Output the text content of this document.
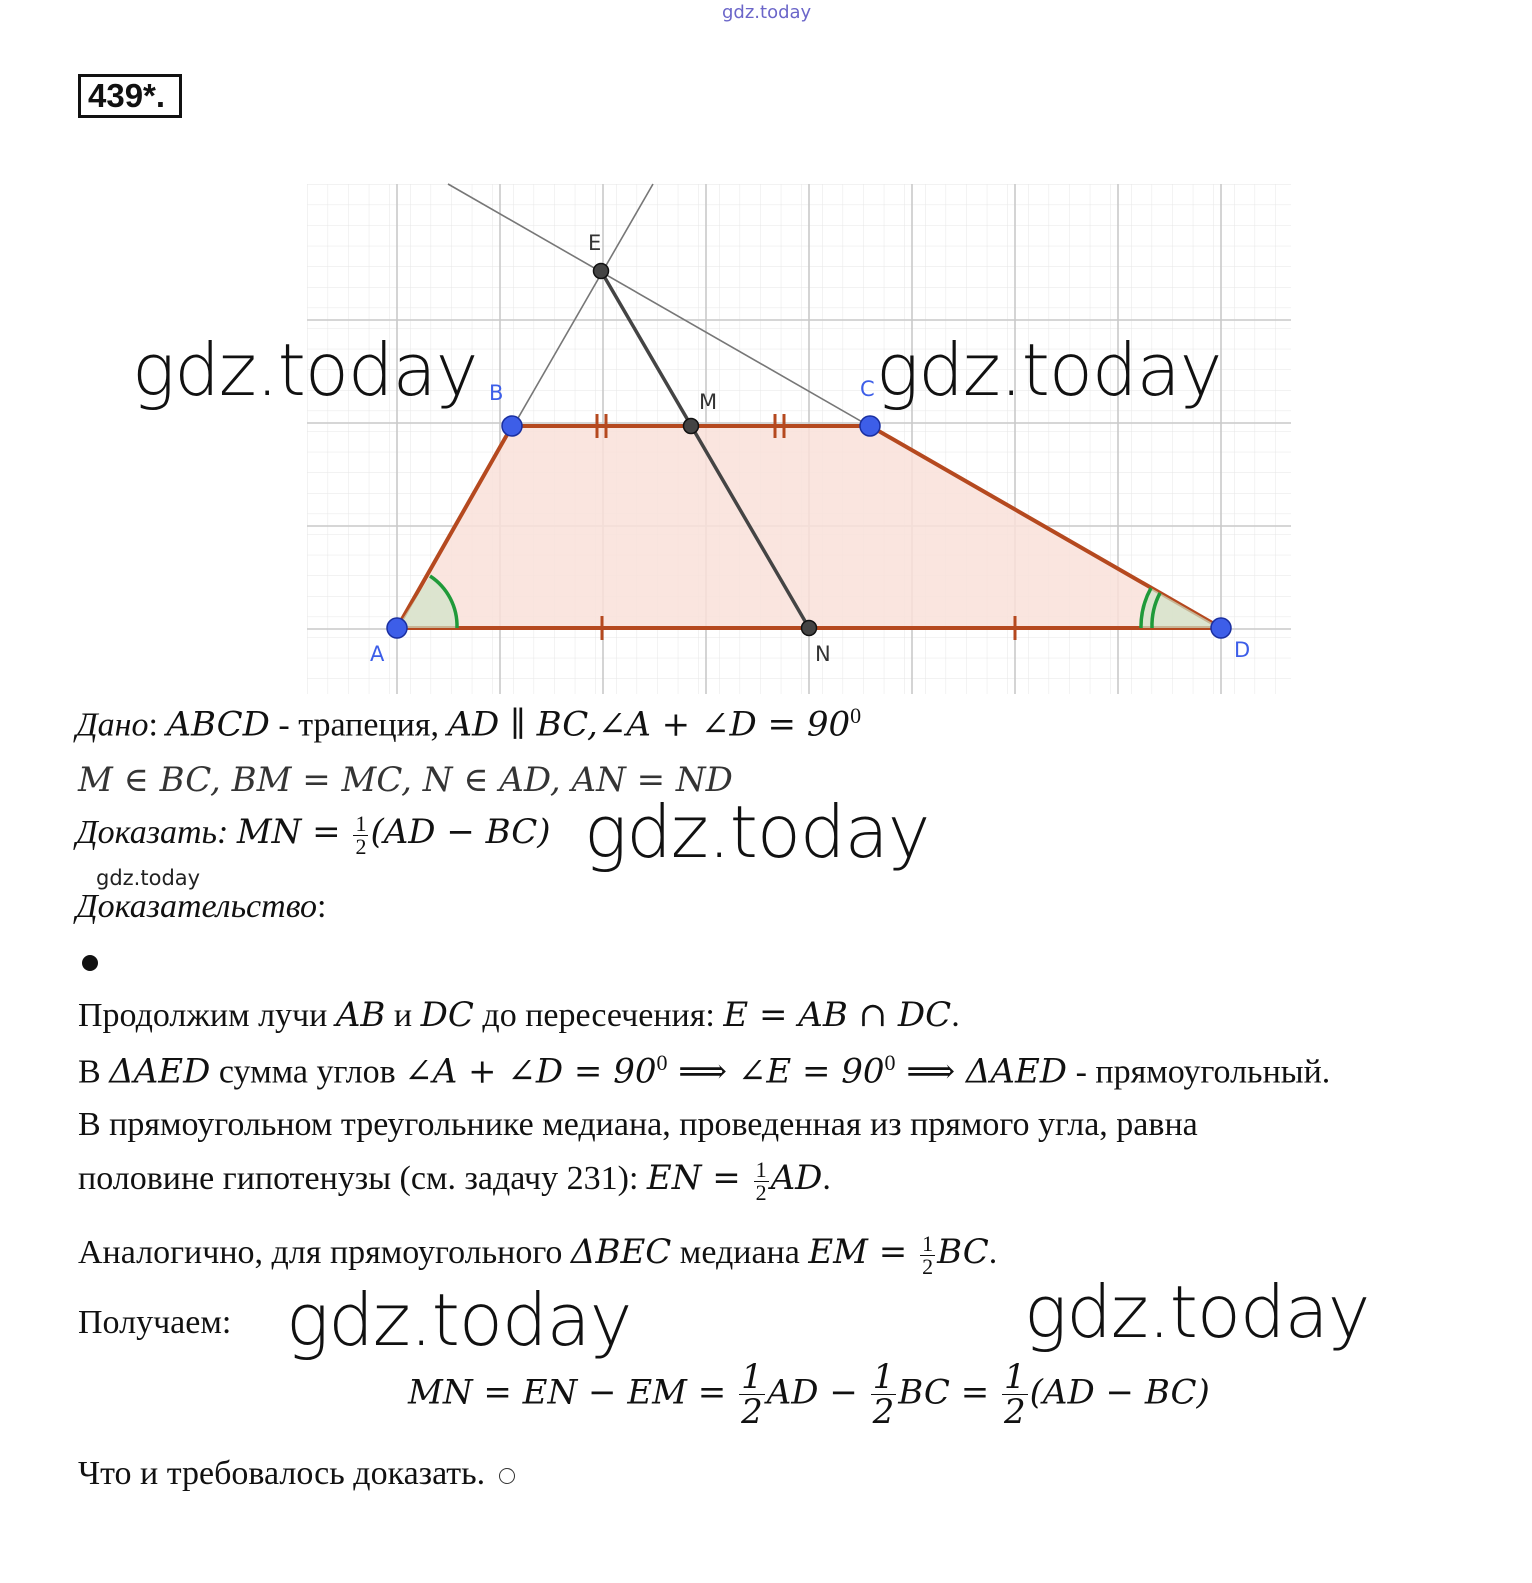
gdz.today
439*.
A
B	C
D
E
M
N
gdz.today	gdz.today
gdz.today
gdz.today	gdz.today
gdz.today
Дано: ABCD - трапеция, AD ∥ BC,∠A + ∠D = $90^0$
M ∈ BC, BM = MC, N ∈ AD, AN = ND
Доказать: MN = $\frac{1}{2} (AD - BC)$
Доказательство:
Продолжим лучи AB и DC до пересечения: E = AB ∩ DC.
В ΔAED сумма углов ∠A + ∠D = $90^0$ ⟹ ∠E = $90^0$ ⟹ ΔAED - прямоугольный.
В прямоугольном треугольнике медиана, проведенная из прямого угла, равна
половине гипотенузы (см. задачу 231): EN = $\frac{1}{2}$ AD.
Аналогично, для прямоугольного ΔBEC медиана EM = $\frac{1}{2}$ BC.
Получаем:
MN = EN − EM = $\frac{1}{2}$ AD − $\frac{1}{2}$ BC = $\frac{1}{2} (AD - BC)$
Что и требовалось доказать.
